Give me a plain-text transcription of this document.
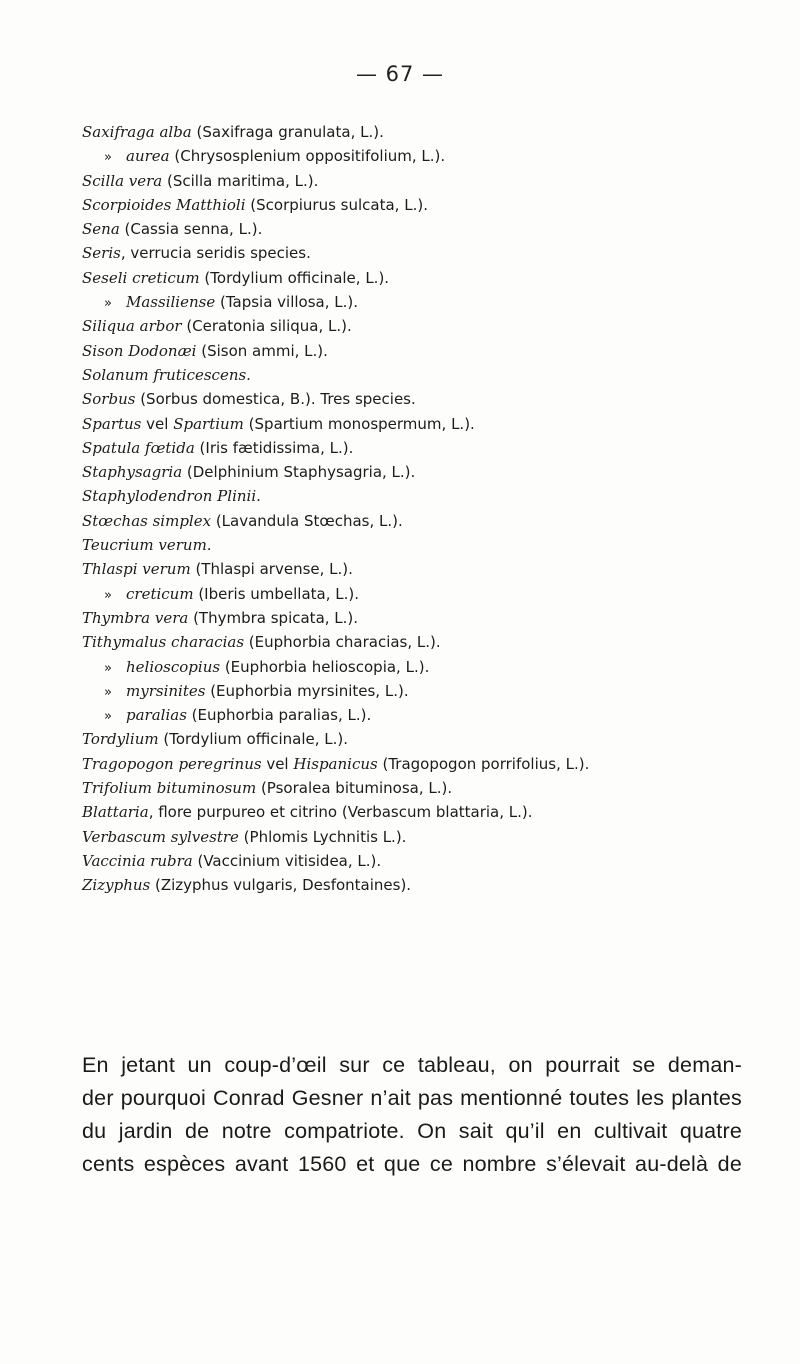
— 67 —
Saxifraga alba (Saxifraga granulata, L.).
» aurea (Chrysosplenium oppositifolium, L.).
Scilla vera (Scilla maritima, L.).
Scorpioides Matthioli (Scorpiurus sulcata, L.).
Sena (Cassia senna, L.).
Seris, verrucia seridis species.
Seseli creticum (Tordylium officinale, L.).
» Massiliense (Tapsia villosa, L.).
Siliqua arbor (Ceratonia siliqua, L.).
Sison Dodonæi (Sison ammi, L.).
Solanum fruticescens.
Sorbus (Sorbus domestica, B.). Tres species.
Spartus vel Spartium (Spartium monospermum, L.).
Spatula fœtida (Iris fætidissima, L.).
Staphysagria (Delphinium Staphysagria, L.).
Staphylodendron Plinii.
Stœchas simplex (Lavandula Stœchas, L.).
Teucrium verum.
Thlaspi verum (Thlaspi arvense, L.).
» creticum (Iberis umbellata, L.).
Thymbra vera (Thymbra spicata, L.).
Tithymalus characias (Euphorbia characias, L.).
» helioscopius (Euphorbia helioscopia, L.).
» myrsinites (Euphorbia myrsinites, L.).
» paralias (Euphorbia paralias, L.).
Tordylium (Tordylium officinale, L.).
Tragopogon peregrinus vel Hispanicus (Tragopogon porrifolius, L.).
Trifolium bituminosum (Psoralea bituminosa, L.).
Blattaria, flore purpureo et citrino (Verbascum blattaria, L.).
Verbascum sylvestre (Phlomis Lychnitis L.).
Vaccinia rubra (Vaccinium vitisidea, L.).
Zizyphus (Zizyphus vulgaris, Desfontaines).
En jetant un coup-d’œil sur ce tableau, on pourrait se deman-
der pourquoi Conrad Gesner n’ait pas mentionné toutes les plantes
du jardin de notre compatriote. On sait qu’il en cultivait quatre
cents espèces avant 1560 et que ce nombre s’élevait au-delà de
